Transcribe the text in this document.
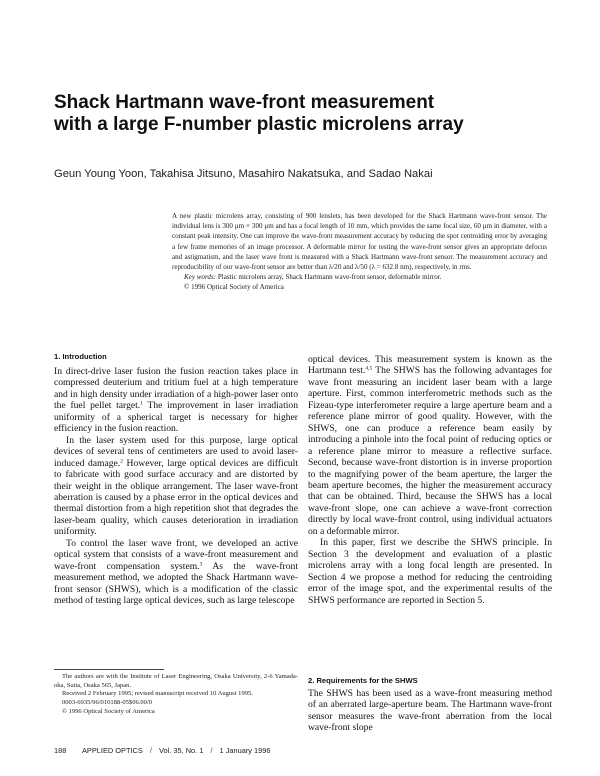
Shack Hartmann wave-front measurement
with a large F-number plastic microlens array
Geun Young Yoon, Takahisa Jitsuno, Masahiro Nakatsuka, and Sadao Nakai

A new plastic microlens array, consisting of 900 lenslets, has been developed for the Shack Hartmann wave-front sensor. The individual lens is 300 μm × 300 μm and has a focal length of 10 mm, which provides the same focal size, 60 μm in diameter, with a constant peak intensity. One can improve the wave-front measurement accuracy by reducing the spot centroiding error by averaging a few frame memories of an image processor. A deformable mirror for testing the wave-front sensor gives an appropriate defocus and astigmatism, and the laser wave front is measured with a Shack Hartmann wave-front sensor. The measurement accuracy and reproducibility of our wave-front sensor are better than λ/20 and λ/50 (λ = 632.8 nm), respectively, in rms.

Key words: Plastic microlens array, Shack Hartmann wave-front sensor, deformable mirror.

© 1996 Optical Society of America

1. Introduction

In direct-drive laser fusion the fusion reaction takes place in compressed deuterium and tritium fuel at a high temperature and in high density under irradiation of a high-power laser onto the fuel pellet target.$^1$ The improvement in laser irradiation uniformity of a spherical target is necessary for higher efficiency in the fusion reaction.

In the laser system used for this purpose, large optical devices of several tens of centimeters are used to avoid laser-induced damage.$^2$ However, large optical devices are difficult to fabricate with good surface accuracy and are distorted by their weight in the oblique arrangement. The laser wave-front aberration is caused by a phase error in the optical devices and thermal distortion from a high repetition shot that degrades the laser-beam quality, which causes deterioration in irradiation uniformity.

To control the laser wave front, we developed an active optical system that consists of a wave-front measurement and wave-front compensation system.$^3$ As the wave-front measurement method, we adopted the Shack Hartmann wave-front sensor (SHWS), which is a modification of the classic method of testing large optical devices, such as large telescope

optical devices. This measurement system is known as the Hartmann test.$^{4,5}$ The SHWS has the following advantages for wave front measuring an incident laser beam with a large aperture. First, common interferometric methods such as the Fizeau-type interferometer require a large aperture beam and a reference plane mirror of good quality. However, with the SHWS, one can produce a reference beam easily by introducing a pinhole into the focal point of reducing optics or a reference plane mirror to measure a reflective surface. Second, because wave-front distortion is in inverse proportion to the magnifying power of the beam aperture, the larger the beam aperture becomes, the higher the measurement accuracy that can be obtained. Third, because the SHWS has a local wave-front slope, one can achieve a wave-front correction directly by local wave-front control, using individual actuators on a deformable mirror.

In this paper, first we describe the SHWS principle. In Section 3 the development and evaluation of a plastic microlens array with a long focal length are presented. In Section 4 we propose a method for reducing the centroiding error of the image spot, and the experimental results of the SHWS performance are reported in Section 5.

2. Requirements for the SHWS

The SHWS has been used as a wave-front measuring method of an aberrated large-aperture beam. The Hartmann wave-front sensor measures the wave-front aberration from the local wave-front slope

The authors are with the Institute of Laser Engineering, Osaka University, 2-6 Yamada-oka, Suita, Osaka 565, Japan.

Received 2 February 1995; revised manuscript received 10 August 1995.

0003-6935/96/010188-05$06.00/0

© 1996 Optical Society of America

188 APPLIED OPTICS / Vol. 35, No. 1 / 1 January 1996
